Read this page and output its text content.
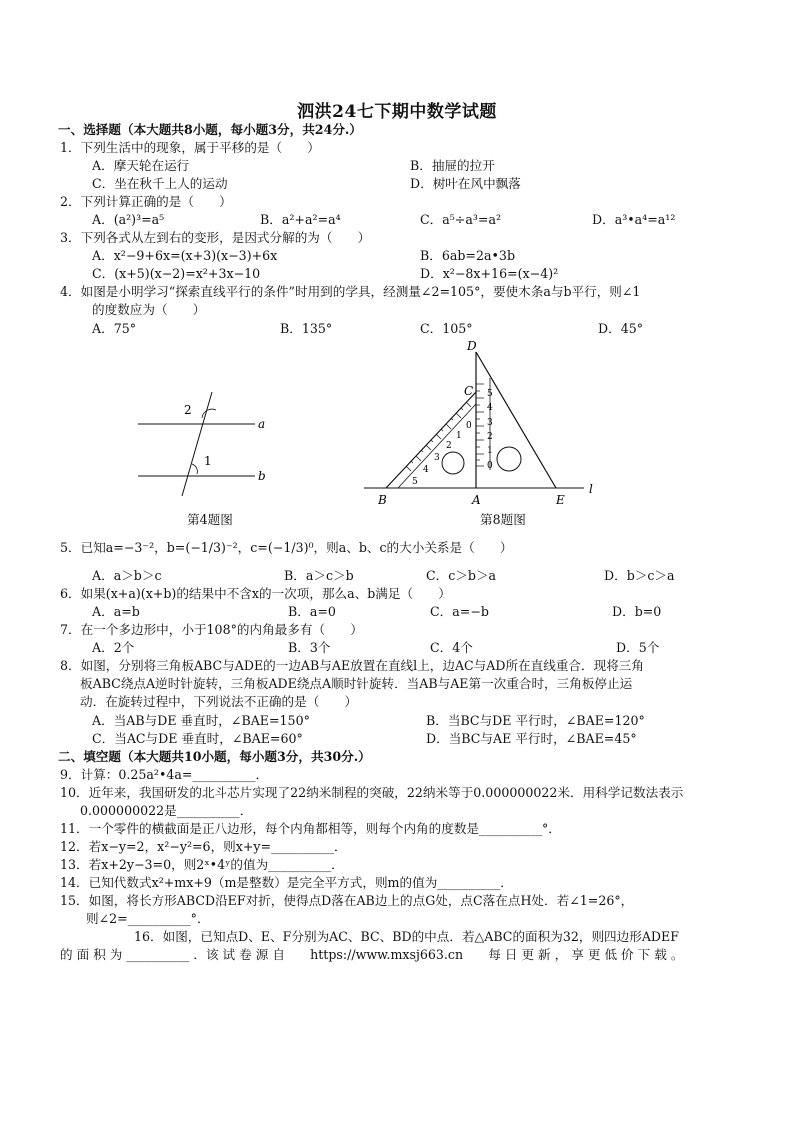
泗洪24七下期中数学试题
一、选择题（本大题共8小题，每小题3分，共24分.）
1．下列生活中的现象，属于平移的是（　　）
A．摩天轮在运行	B．抽屉的拉开
C．坐在秋千上人的运动	D．树叶在风中飘落
2．下列计算正确的是（　　）
A．(a²)³=a⁵	B．a²+a²=a⁴	C．a⁵÷a³=a²	D．a³•a⁴=a¹²
3．下列各式从左到右的变形，是因式分解的为（　　）
A．x²−9+6x=(x+3)(x−3)+6x	B．6ab=2a•3b
C．(x+5)(x−2)=x²+3x−10	D．x²−8x+16=(x−4)²
4．如图是小明学习“探索直线平行的条件”时用到的学具，经测量∠2=105°，要使木条a与b平行，则∠1
的度数应为（　　）
A．75°	B．135°	C．105°	D．45°
2
1
a
b
第4题图
5
4
3
2
1
0
5
4
3
2
1
0
D
C
B	A	E
l
第8题图
5．已知a=−3⁻²，b=(−1/3)⁻²，c=(−1/3)⁰，则a、b、c的大小关系是（　　）
A．a＞b＞c	B．a＞c＞b	C．c＞b＞a	D．b＞c＞a
6．如果(x+a)(x+b)的结果中不含x的一次项，那么a、b满足（　　）
A．a=b	B．a=0	C．a=−b	D．b=0
7．在一个多边形中，小于108°的内角最多有（　　）
A．2个	B．3个	C．4个	D．5个
8．如图，分别将三角板ABC与ADE的一边AB与AE放置在直线l上，边AC与AD所在直线重合．现将三角
板ABC绕点A逆时针旋转，三角板ADE绕点A顺时针旋转．当AB与AE第一次重合时，三角板停止运
动．在旋转过程中，下列说法不正确的是（　　）
A．当AB与DE 垂直时，∠BAE=150°	B．当BC与DE 平行时，∠BAE=120°
C．当AC与DE 垂直时，∠BAE=60°	D．当BC与AE 平行时，∠BAE=45°
二、填空题（本大题共10小题，每小题3分，共30分.）
9．计算：0.25a²•4a=__________．
10．近年来，我国研发的北斗芯片实现了22纳米制程的突破，22纳米等于0.000000022米．用科学记数法表示
0.000000022是__________．
11．一个零件的横截面是正八边形，每个内角都相等，则每个内角的度数是__________°．
12．若x−y=2，x²−y²=6，则x+y=__________．
13．若x+2y−3=0，则2ˣ•4ʸ的值为__________．
14．已知代数式x²+mx+9（m是整数）是完全平方式，则m的值为__________．
15．如图，将长方形ABCD沿EF对折，使得点D落在AB边上的点G处，点C落在点H处．若∠1=26°，
则∠2=__________°．
16．如图，已知点D、E、F分别为AC、BC、BD的中点．若△ABC的面积为32，则四边形ADEF
的 面 积 为 __________ ．该 试 卷 源 自　　https://www.mxsj663.cn　　每 日 更 新 ， 享 更 低 价 下 载 。
